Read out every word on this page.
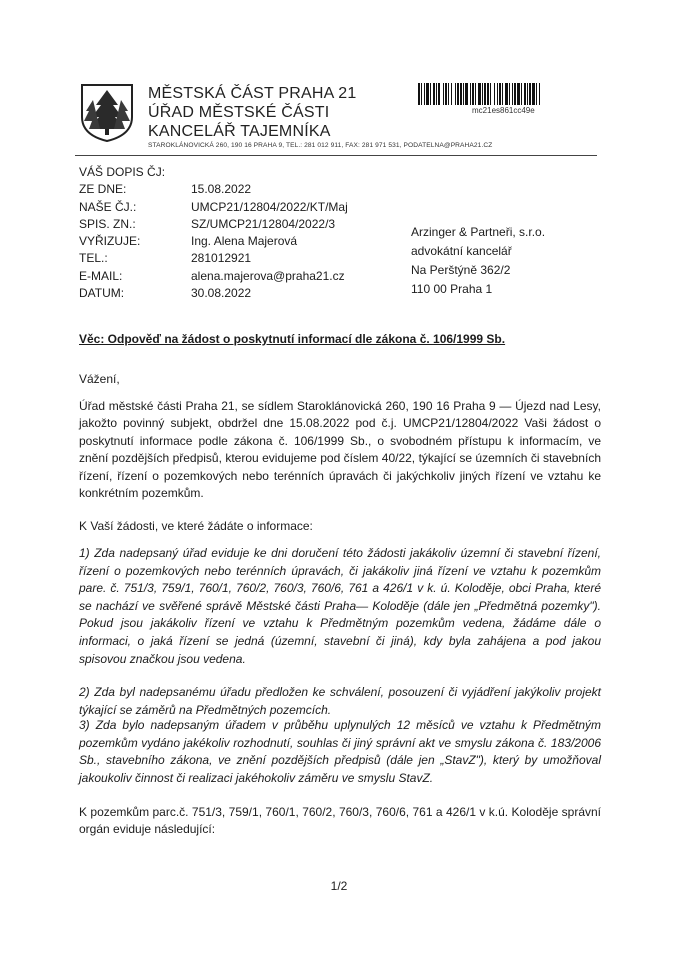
MĚSTSKÁ ČÁST PRAHA 21
ÚŘAD MĚSTSKÉ ČÁSTI
KANCELÁŘ TAJEMNÍKA
STAROKLÁNOVICKÁ 260, 190 16 PRAHA 9, TEL.: 281 012 911, FAX: 281 971 531, PODATELNA@PRAHA21.CZ
mc21es861cc49e
VÁŠ DOPIS ČJ:
ZE DNE:	15.08.2022
NAŠE ČJ.:	UMCP21/12804/2022/KT/Maj
SPIS. ZN.:	SZ/UMCP21/12804/2022/3
VYŘIZUJE:	Ing. Alena Majerová
TEL.:	281012921
E-MAIL:	alena.majerova@praha21.cz
DATUM:	30.08.2022
Arzinger & Partneři, s.r.o.
advokátní kancelář
Na Perštýně 362/2
110 00 Praha 1
Věc: Odpověď na žádost o poskytnutí informací dle zákona č. 106/1999 Sb.
Vážení,
Úřad městské části Praha 21, se sídlem Staroklánovická 260, 190 16 Praha 9 — Újezd nad Lesy, jakožto povinný subjekt, obdržel dne 15.08.2022 pod č.j. UMCP21/12804/2022 Vaši žádost o poskytnutí informace podle zákona č. 106/1999 Sb., o svobodném přístupu k informacím, ve znění pozdějších předpisů, kterou evidujeme pod číslem 40/22, týkající se územních či stavebních řízení, řízení o pozemkových nebo terénních úpravách či jakýchkoliv jiných řízení ve vztahu ke konkrétním pozemkům.
K Vaší žádosti, ve které žádáte o informace:
1) Zda nadepsaný úřad eviduje ke dni doručení této žádosti jakákoliv územní či stavební řízení, řízení o pozemkových nebo terénních úpravách, či jakákoliv jiná řízení ve vztahu k pozemkům pare. č. 751/3, 759/1, 760/1, 760/2, 760/3, 760/6, 761 a 426/1 v k. ú. Koloděje, obci Praha, které se nachází ve svěřené správě Městské části Praha— Koloděje (dále jen „Předmětná pozemky"). Pokud jsou jakákoliv řízení ve vztahu k Předmětným pozemkům vedena, žádáme dále o informaci, o jaká řízení se jedná (územní, stavební či jiná), kdy byla zahájena a pod jakou spisovou značkou jsou vedena.
2) Zda byl nadepsanému úřadu předložen ke schválení, posouzení či vyjádření jakýkoliv projekt týkající se záměrů na Předmětných pozemcích.
3) Zda bylo nadepsaným úřadem v průběhu uplynulých 12 měsíců ve vztahu k Předmětným pozemkům vydáno jakékoliv rozhodnutí, souhlas či jiný správní akt ve smyslu zákona č. 183/2006 Sb., stavebního zákona, ve znění pozdějších předpisů (dále jen „StavZ"), který by umožňoval jakoukoliv činnost či realizaci jakéhokoliv záměru ve smyslu StavZ.
K pozemkům parc.č. 751/3, 759/1, 760/1, 760/2, 760/3, 760/6, 761 a 426/1 v k.ú. Koloděje správní orgán eviduje následující:
1/2
